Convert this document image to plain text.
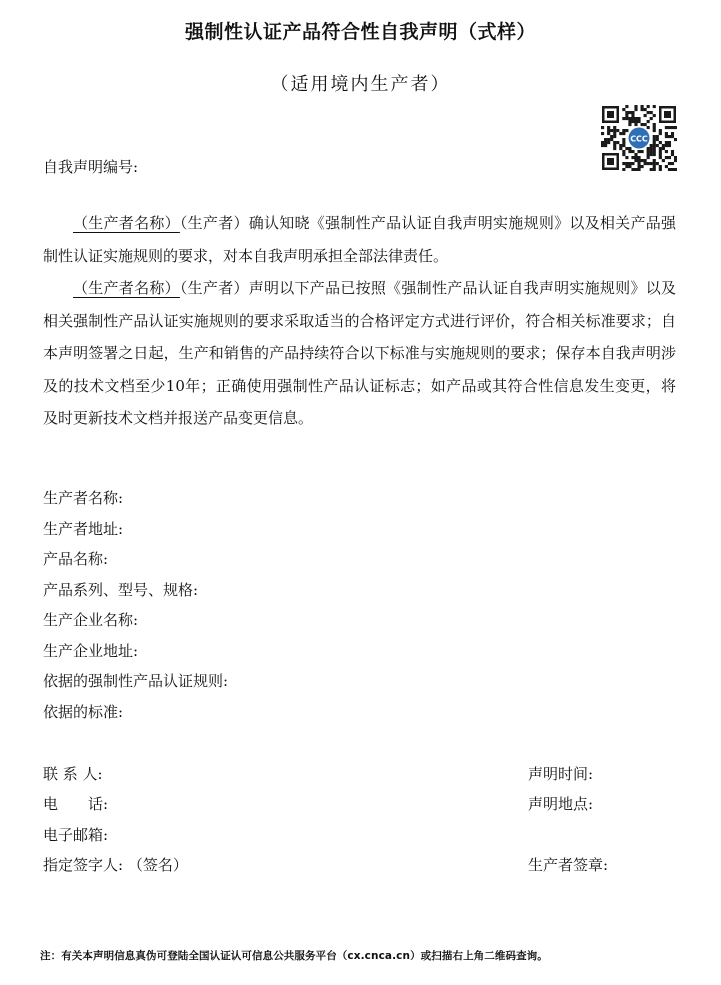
强制性认证产品符合性自我声明（式样）
（适用境内生产者）
CCC
自我声明编号:

（生产者名称）（生产者）确认知晓《强制性产品认证自我声明实施规则》以及相关产品强制性认证实施规则的要求，对本自我声明承担全部法律责任。

（生产者名称）（生产者）声明以下产品已按照《强制性产品认证自我声明实施规则》以及相关强制性产品认证实施规则的要求采取适当的合格评定方式进行评价，符合相关标准要求；自本声明签署之日起，生产和销售的产品持续符合以下标准与实施规则的要求；保存本自我声明涉及的技术文档至少10年；正确使用强制性产品认证标志；如产品或其符合性信息发生变更，将及时更新技术文档并报送产品变更信息。

生产者名称:
生产者地址:
产品名称:
产品系列、型号、规格:
生产企业名称:
生产企业地址:
依据的强制性产品认证规则:
依据的标准:
联 系 人:
电　　话:
电子邮箱:
指定签字人: （签名）
声明时间:
声明地点:

生产者签章:
注：有关本声明信息真伪可登陆全国认证认可信息公共服务平台（cx.cnca.cn）或扫描右上角二维码查询。
